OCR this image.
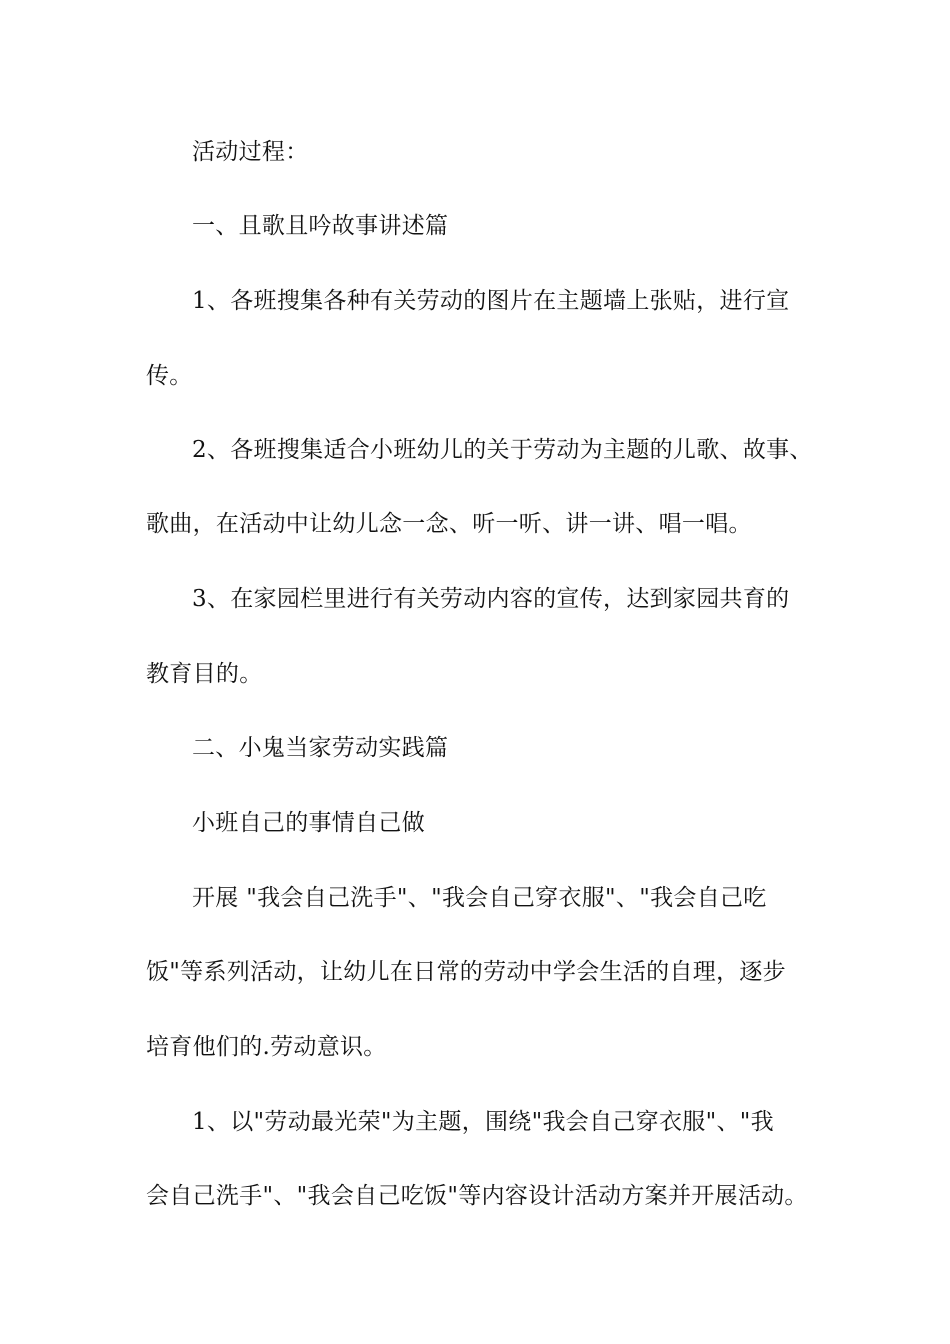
活动过程：
一、且歌且吟故事讲述篇
1、各班搜集各种有关劳动的图片在主题墙上张贴，进行宣
传。
2、各班搜集适合小班幼儿的关于劳动为主题的儿歌、故事、
歌曲，在活动中让幼儿念一念、听一听、讲一讲、唱一唱。
3、在家园栏里进行有关劳动内容的宣传，达到家园共育的
教育目的。
二、小鬼当家劳动实践篇
小班自己的事情自己做
开展 "我会自己洗手"、"我会自己穿衣服"、"我会自己吃
饭"等系列活动，让幼儿在日常的劳动中学会生活的自理，逐步
培育他们的.劳动意识。
1、以"劳动最光荣"为主题，围绕"我会自己穿衣服"、"我
会自己洗手"、"我会自己吃饭"等内容设计活动方案并开展活动。
